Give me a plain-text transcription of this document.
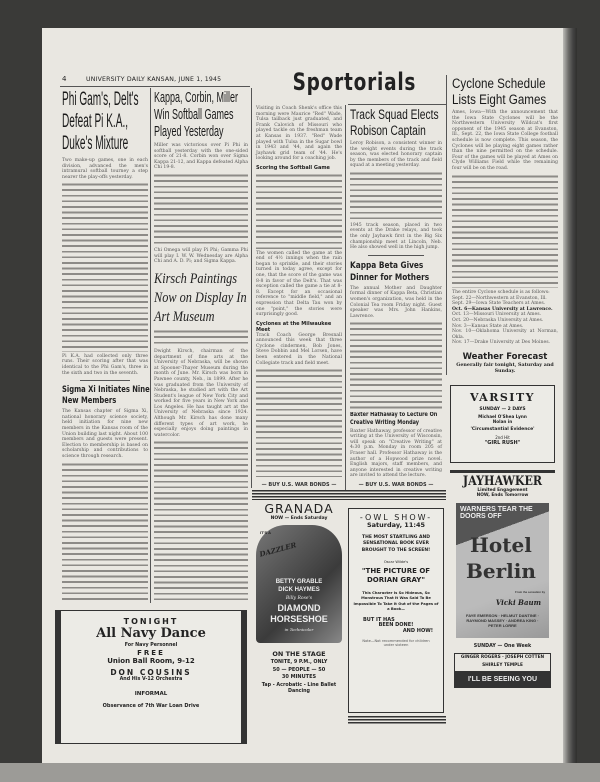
4	UNIVERSITY DAILY KANSAN, JUNE 1, 1945
Phi Gam's, Delt's Defeat Pi K.A., Duke's Mixture
Two make-up games, one in each division, advanced the men's intramural softball tourney a step nearer the play-offs yesterday.
Pi K.A. had collected only three runs. Their scoring after that was identical to the Phi Gam's, three in the sixth and two in the seventh.
Sigma Xi Initiates Nine New Members
The Kansas chapter of Sigma Xi, national honorary science society, held initiation for nine new members in the Kansas room of the Union building last night. About 100 members and guests were present. Election to membership is based on scholarship and contributions to science through research.
Kappa, Corbin, Miller Win Softball Games Played Yesterday
Miller was victorious over Pi Phi in softball yesterday with the one-sided score of 21-8. Corbin won over Sigma Kappa 21-12, and Kappa defeated Alpha Chi 19-8.
Chi Omega will play Pi Phi; Gamma Phi will play I. W. W. Wednesday are Alpha Chi and A. D. Pi; and Sigma Kappa.
Kirsch Paintings Now on Display In Art Museum
Dwight Kirsch, chairman of the department of fine arts at the University of Nebraska, will be shown at Spooner-Thayer Museum during the month of June. Mr. Kirsch was born in Pawnee county, Neb., in 1899. After he was graduated from the University of Nebraska, he studied art with the Art Student's league of New York City and worked for five years in New York and Los Angeles. He has taught art at the University of Nebraska since 1924. Although Mr. Kirsch has done many different types of art work, he especially enjoys doing paintings in watercolor.
Sportorials
Visiting in Coach Shenk's office this morning were Maurice "Red" Wade, Tulsa tailback just graduated, and Frank Calovich of Missouri who played tackle on the freshman team at Kansas in 1937. "Red" Wade played with Tulsa in the Sugar bowl in 1943 and '44, and again the Jayhawk grid team of '44. He's looking around for a coaching job.
Scoring the Softball Game
The women called the game at the end of 4½ innings when the rain began to sprinkle, and their stories turned in today agree, except for one, that the score of the game was 8-8 in favor of the Delt's. That was exception called the game a tie at 8-8. Except for an occasional reference to "middle field," and an expression that Delta Tau won by one "point," the stories were surprisingly good.
Cyclones at the Milwaukee Meet
Track Coach George Bresnall announced this week that three Cyclone cindermen, Bob Jones, Steve Dobbin and Mel Lorsen, have been entered in the National Collegiate track and field meet.
— BUY U.S. WAR BONDS —
Track Squad Elects Robison Captain
Leroy Robison, a consistent winner in the weight events during the track season, was elected honorary captain by the members of the track and field squad at a meeting yesterday.
1945 track season, placed in two events at the Drake relays, and took the only Jayhawk first in the Big Six championship meet at Lincoln, Neb. He also showed well in the high jump.
Kappa Beta Gives Dinner for Mothers
The annual Mother and Daughter formal dinner of Kappa Beta, Christian women's organization, was held in the Colonial Tea room Friday night. Guest speaker was Mrs. John Hankins, Lawrence.
Baxter Hathaway to Lecture On Creative Writing Monday
Baxter Hathaway, professor of creative writing at the University of Wisconsin, will speak on "Creative Writing" at 4:30 p.m. Monday in room 205 of Fraser hall. Professor Hathaway is the author of a Hopwood prize novel. English majors, staff members, and anyone interested in creative writing are invited to attend the lecture.
— BUY U.S. WAR BONDS —
Cyclone Schedule Lists Eight Games
Ames, Iowa—With the announcement that the Iowa State Cyclones will be the Northwestern University Wildcat's first opponent of the 1945 season at Evanston, Ill., Sept. 22, the Iowa State College football schedule is now complete. This season, the Cyclones will be playing eight games rather than the nine permitted on the schedule. Four of the games will be played at Ames on Clyde Williams Field while the remaining four will be on the road.
The entire Cyclone schedule is as follows:
Sept. 22—Northwestern at Evanston, Ill.
Sept. 29—Iowa State Teachers at Ames.
Oct. 6—Kansas University at Lawrence.
Oct. 13—Missouri University at Ames.
Oct. 20—Nebraska University at Ames.
Nov. 3—Kansas State at Ames.
Nov. 10—Oklahoma University at Norman, Okla.
Nov. 17—Drake University at Des Moines.
Weather Forecast
Generally fair tonight, Saturday and Sunday.
TONIGHT
All Navy Dance
For Navy Personnel
FREE
Union Ball Room, 9-12
DON COUSINS
And His V-12 Orchestra
INFORMAL
Observance of 7th War Loan Drive
GRANADA
NOW — Ends Saturday
IT'S A
DAZZLER
BETTY GRABLE
DICK HAYMES
Billy Rose's
DIAMOND
HORSESHOE
in Technicolor
ON THE STAGE
TONITE, 9 P.M., ONLY
50 — PEOPLE — 50
30 MINUTES
Tap - Acrobatic - Line Ballet Dancing
-OWL SHOW-
Saturday, 11:45
THE MOST STARTLING AND SENSATIONAL BOOK EVER BROUGHT TO THE SCREEN!
Oscar Wilde's
"THE PICTURE OF DORIAN GRAY"
This Character Is So Hideous, So Monstrous That It Was Said To Be Impossible To Take It Out of the Pages of a Book—
BUT IT HAS
BEEN DONE!
AND HOW!
Note—Not recommended for children under sixteen
VARSITY
SUNDAY — 2 DAYS
Michael O'Shea Lynn Nolan in
'Circumstantial Evidence'
2nd Hit
"GIRL RUSH"
JAYHAWKER
Limited Engagement
NOW, Ends Tomorrow
WARNERS TEAR THE DOORS OFF
Hotel
Berlin
From the sensation by
Vicki Baum
FAYE EMERSON · HELMUT DANTINE · RAYMOND MASSEY · ANDREA KING · PETER LORRE
SUNDAY — One Week
GINGER ROGERS · JOSEPH COTTEN
SHIRLEY TEMPLE
I'LL BE SEEING YOU
